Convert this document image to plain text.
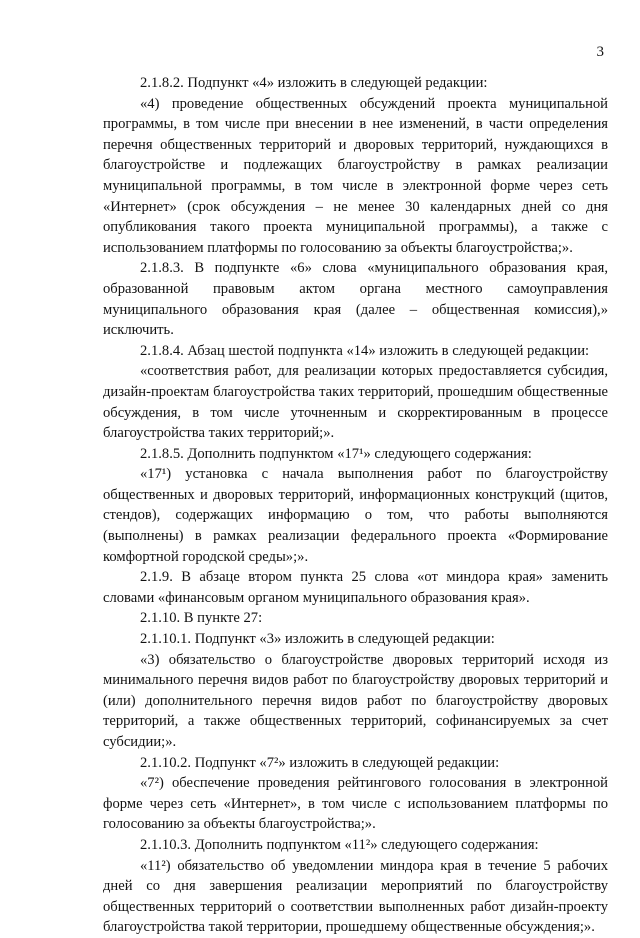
3

2.1.8.2. Подпункт «4» изложить в следующей редакции:

«4) проведение общественных обсуждений проекта муниципальной программы, в том числе при внесении в нее изменений, в части определения перечня общественных территорий и дворовых территорий, нуждающихся в благоустройстве и подлежащих благоустройству в рамках реализации муниципальной программы, в том числе в электронной форме через сеть «Интернет» (срок обсуждения – не менее 30 календарных дней со дня опубликования такого проекта муниципальной программы), а также с использованием платформы по голосованию за объекты благоустройства;».

2.1.8.3. В подпункте «6» слова «муниципального образования края, образованной правовым актом органа местного самоуправления муниципального образования края (далее – общественная комиссия),» исключить.

2.1.8.4. Абзац шестой подпункта «14» изложить в следующей редакции:

«соответствия работ, для реализации которых предоставляется субсидия, дизайн-проектам благоустройства таких территорий, прошедшим общественные обсуждения, в том числе уточненным и скорректированным в процессе благоустройства таких территорий;».

2.1.8.5. Дополнить подпунктом «17¹» следующего содержания:

«17¹) установка с начала выполнения работ по благоустройству общественных и дворовых территорий, информационных конструкций (щитов, стендов), содержащих информацию о том, что работы выполняются (выполнены) в рамках реализации федерального проекта «Формирование комфортной городской среды»;».

2.1.9. В абзаце втором пункта 25 слова «от миндора края» заменить словами «финансовым органом муниципального образования края».

2.1.10. В пункте 27:

2.1.10.1. Подпункт «3» изложить в следующей редакции:

«3) обязательство о благоустройстве дворовых территорий исходя из минимального перечня видов работ по благоустройству дворовых территорий и (или) дополнительного перечня видов работ по благоустройству дворовых территорий, а также общественных территорий, софинансируемых за счет субсидии;».

2.1.10.2. Подпункт «7²» изложить в следующей редакции:

«7²) обеспечение проведения рейтингового голосования в электронной форме через сеть «Интернет», в том числе с использованием платформы по голосованию за объекты благоустройства;».

2.1.10.3. Дополнить подпунктом «11²» следующего содержания:

«11²) обязательство об уведомлении миндора края в течение 5 рабочих дней со дня завершения реализации мероприятий по благоустройству общественных территорий о соответствии выполненных работ дизайн-проекту благоустройства такой территории, прошедшему общественные обсуждения;».
